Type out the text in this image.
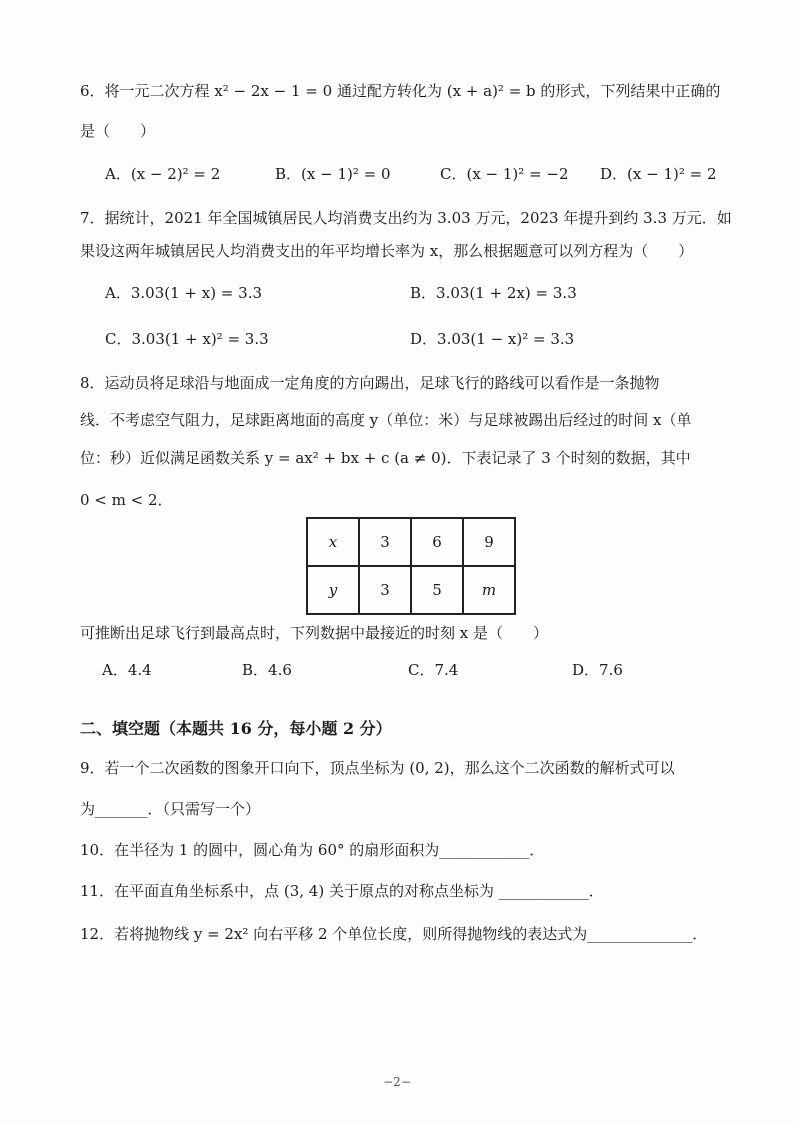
6．将一元二次方程 x² − 2x − 1 = 0 通过配方转化为 (x + a)² = b 的形式，下列结果中正确的
是（　　）
A．(x − 2)² = 2	B．(x − 1)² = 0	C．(x − 1)² = −2 D．(x − 1)² = 2
7．据统计，2021 年全国城镇居民人均消费支出约为 3.03 万元，2023 年提升到约 3.3 万元．如
果设这两年城镇居民人均消费支出的年平均增长率为 x，那么根据题意可以列方程为（　　）
A．3.03(1 + x) = 3.3	B．3.03(1 + 2x) = 3.3
C．3.03(1 + x)² = 3.3	D．3.03(1 − x)² = 3.3
8．运动员将足球沿与地面成一定角度的方向踢出，足球飞行的路线可以看作是一条抛物
线．不考虑空气阻力，足球距离地面的高度 y（单位：米）与足球被踢出后经过的时间 x（单
位：秒）近似满足函数关系 y = ax² + bx + c (a ≠ 0)．下表记录了 3 个时刻的数据，其中
0 < m < 2．
x	3	6	9
y	3	5	m
可推断出足球飞行到最高点时，下列数据中最接近的时刻 x 是（　　）
A．4.4	B．4.6	C．7.4	D．7.6
二、填空题（本题共 16 分，每小题 2 分）
9．若一个二次函数的图象开口向下，顶点坐标为 (0, 2)，那么这个二次函数的解析式可以
为_______．（只需写一个）
10．在半径为 1 的圆中，圆心角为 60° 的扇形面积为____________．
11．在平面直角坐标系中，点 (3, 4) 关于原点的对称点坐标为 ____________．
12．若将抛物线 y = 2x² 向右平移 2 个单位长度，则所得抛物线的表达式为______________．
−2−
